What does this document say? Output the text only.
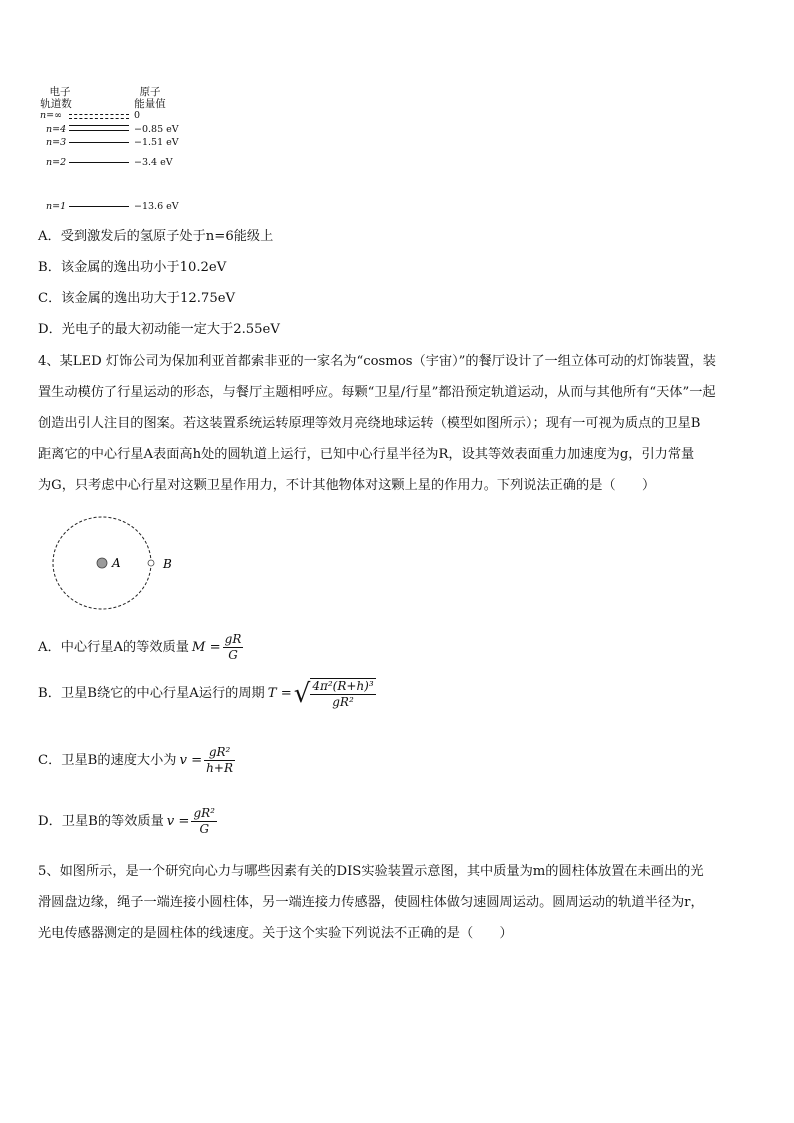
电子
轨道数
原子
能量值
n=∞	0
n=4	−0.85 eV
n=3	−1.51 eV
n=2	−3.4 eV
n=1	−13.6 eV
A．受到激发后的氢原子处于n=6能级上
B．该金属的逸出功小于10.2eV
C．该金属的逸出功大于12.75eV
D．光电子的最大初动能一定大于2.55eV
4、某LED 灯饰公司为保加利亚首都索非亚的一家名为“cosmos（宇宙）”的餐厅设计了一组立体可动的灯饰装置，装
置生动模仿了行星运动的形态，与餐厅主题相呼应。每颗“卫星/行星”都沿预定轨道运动，从而与其他所有“天体”一起
创造出引人注目的图案。若这装置系统运转原理等效月亮绕地球运转（模型如图所示）；现有一可视为质点的卫星B
距离它的中心行星A表面高h处的圆轨道上运行，已知中心行星半径为R，设其等效表面重力加速度为g，引力常量
为G，只考虑中心行星对这颗卫星作用力，不计其他物体对这颗上星的作用力。下列说法正确的是（　　）
A	B
A．中心行星A的等效质量 $M = \frac{gR}{G}$
B．卫星B绕它的中心行星A运行的周期 T = √ $\frac{\text{4π²(R+h)³}}{\text{gR²}}$
C．卫星B的速度大小为 $v = \frac{\text{gR²}}{h+R}$
D．卫星B的等效质量 $v = \frac{\text{gR²}}{G}$
5、如图所示，是一个研究向心力与哪些因素有关的DIS实验装置示意图，其中质量为m的圆柱体放置在未画出的光
滑圆盘边缘，绳子一端连接小圆柱体，另一端连接力传感器，使圆柱体做匀速圆周运动。圆周运动的轨道半径为r，
光电传感器测定的是圆柱体的线速度。关于这个实验下列说法不正确的是（　　）
